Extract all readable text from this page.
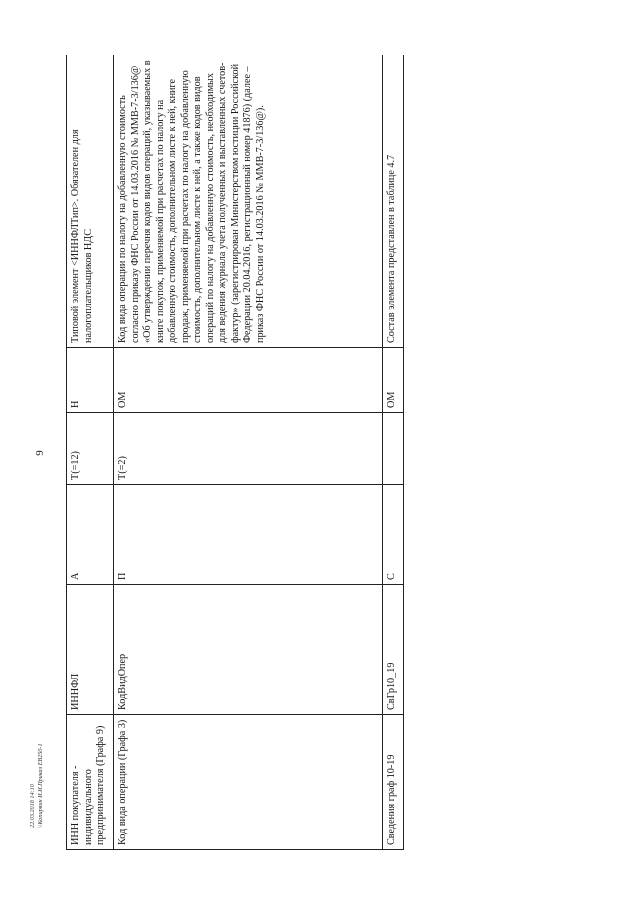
9
ИНН покупателя - индивидуального предпринимателя (Графа 9)	ИННФЛ	А	Т(=12)	Н	Типовой элемент <ИННФЛТип>. Обязателен для налогоплательщиков НДС
Код вида операции (Графа 3)	КодВидОпер	П	Т(=2)	ОМ	Код вида операции по налогу на добавленную стоимость согласно приказу ФНС России от 14.03.2016 № ММВ-7-3/136@ «Об утверждении перечня кодов видов операций, указываемых в книге покупок, применяемой при расчетах по налогу на добавленную стоимость, дополнительном листе к ней, книге продаж, применяемой при расчетах по налогу на добавленную стоимость, дополнительном листе к ней, а также кодов видов операций по налогу на добавленную стоимость, необходимых для ведения журнала учета полученных и выставленных счетов-фактур» (зарегистрирован Министерством юстиции Российской Федерации 20.04.2016, регистрационный номер 41876) (далее – приказ ФНС России от 14.03.2016 № ММВ-7-3/136@).
Сведения граф 10-19	СвГр10_19	С		ОМ	Состав элемента представлен в таблице 4.7
22.03.2018 14:10 \\Копирвин И.И.Приказ ЕВ250-1
